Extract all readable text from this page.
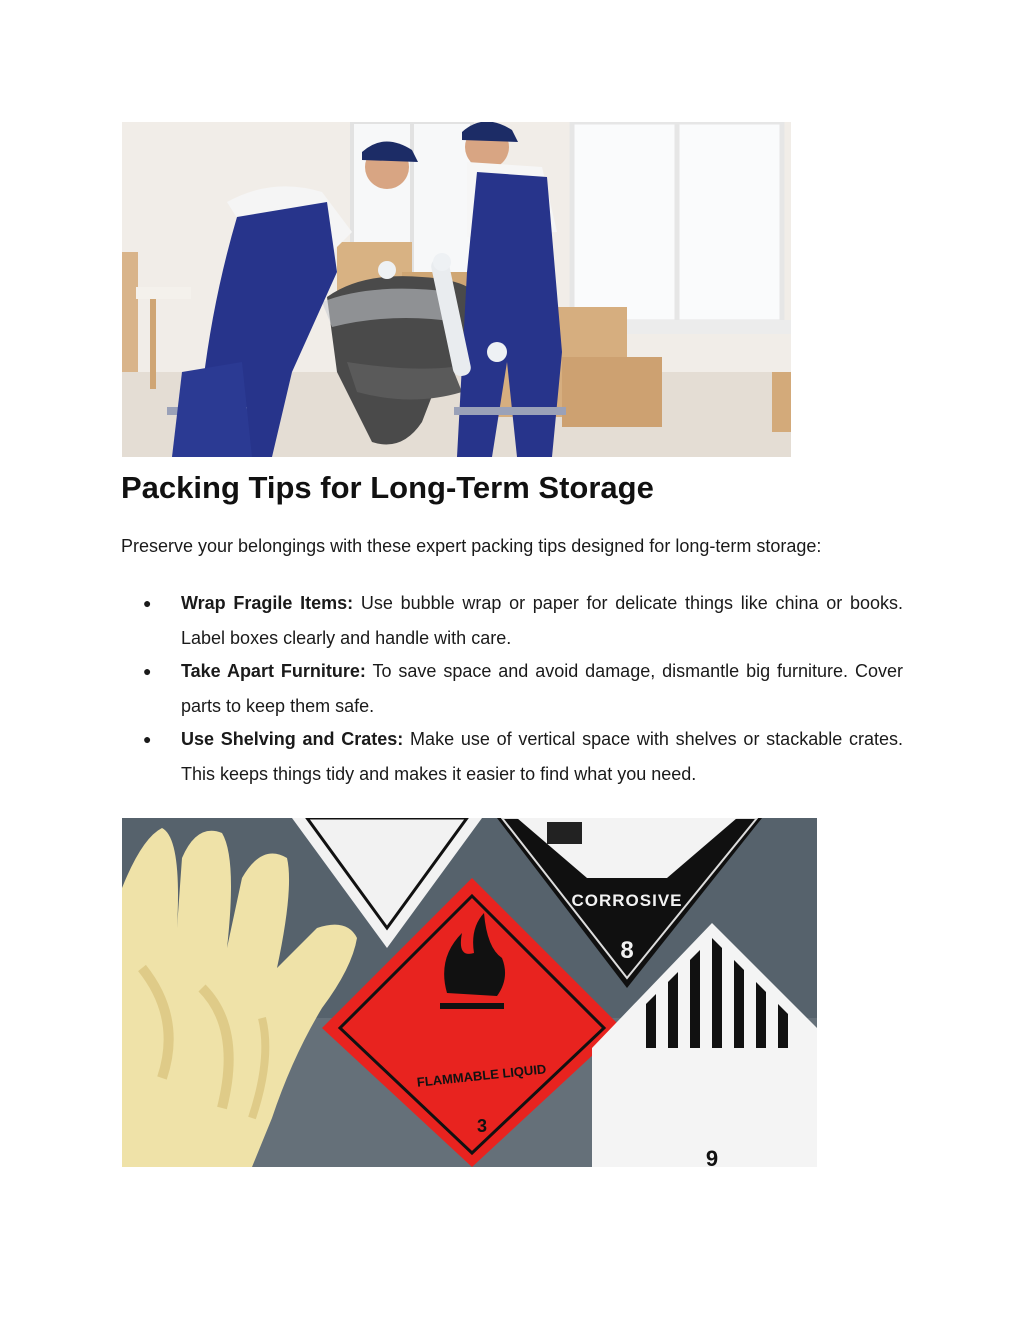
Packing Tips for Long-Term Storage

Preserve your belongings with these expert packing tips designed for long-term storage:

● Wrap Fragile Items: Use bubble wrap or paper for delicate things like china or books. Label boxes clearly and handle with care.
● Take Apart Furniture: To save space and avoid damage, dismantle big furniture. Cover parts to keep them safe.
● Use Shelving and Crates: Make use of vertical space with shelves or stackable crates. This keeps things tidy and makes it easier to find what you need.
CORROSIVE
8
FLAMMABLE LIQUID
3
9
